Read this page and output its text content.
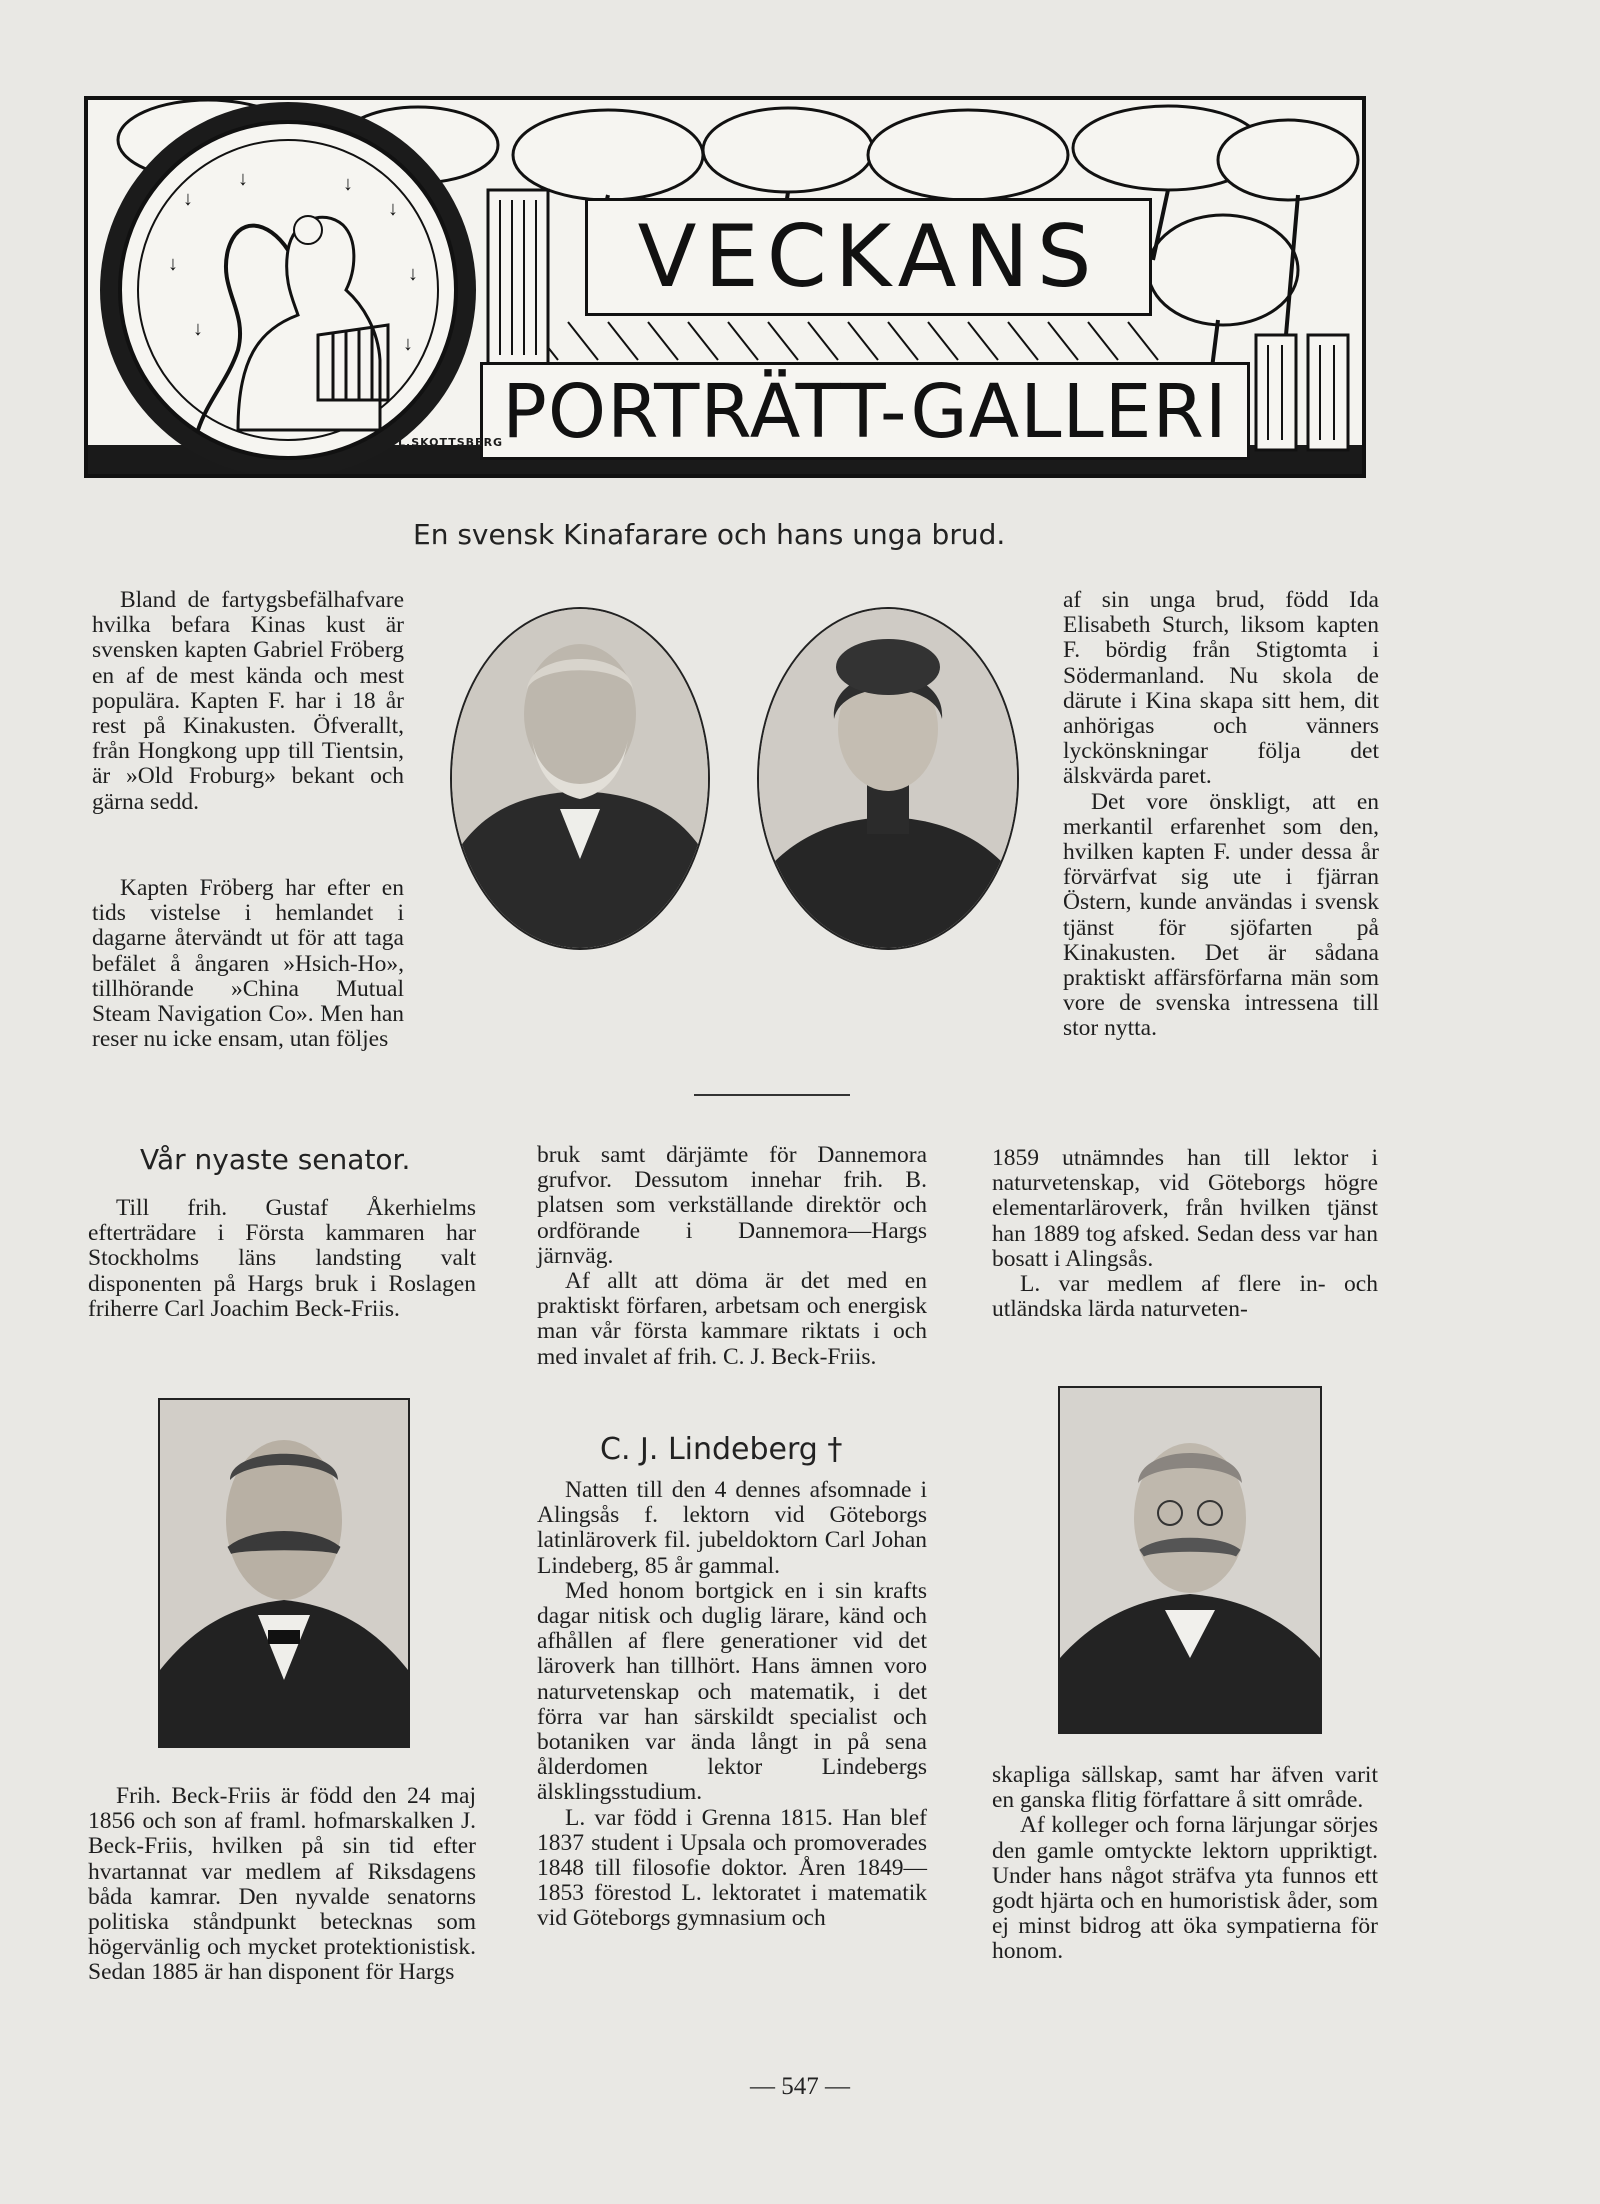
↓
↓	↓
↓
↓	↓
↓
↓
VECKANS
PORTRÄTT-GALLERI
L.SKOTTSBERG
En svensk Kinafarare och hans unga brud.

Bland de fartygsbefälhafvare hvilka befara Kinas kust är svensken kapten Gabriel Fröberg en af de mest kända och mest populära. Kapten F. har i 18 år rest på Kinakusten. Öfverallt, från Hongkong upp till Tientsin, är »Old Froburg» bekant och gärna sedd.

Kapten Fröberg har efter en tids vistelse i hemlandet i dagarne återvändt ut för att taga befälet å ångaren »Hsich-Ho», tillhörande »China Mutual Steam Navigation Co». Men han reser nu icke ensam, utan följes

af sin unga brud, född Ida Elisabeth Sturch, liksom kapten F. bördig från Stigtomta i Södermanland. Nu skola de därute i Kina skapa sitt hem, dit anhörigas och vänners lyckönskningar följa det älskvärda paret.

Det vore önskligt, att en merkantil erfarenhet som den, hvilken kapten F. under dessa år förvärfvat sig ute i fjärran Östern, kunde användas i svensk tjänst för sjöfarten på Kinakusten. Det är sådana praktiskt affärsförfarna män som vore de svenska intressena till stor nytta.

Vår nyaste senator.

Till frih. Gustaf Åkerhielms efterträdare i Första kammaren har Stockholms läns landsting valt disponenten på Hargs bruk i Roslagen friherre Carl Joachim Beck-Friis.

Frih. Beck-Friis är född den 24 maj 1856 och son af framl. hofmarskalken J. Beck-Friis, hvilken på sin tid efter hvartannat var medlem af Riksdagens båda kamrar. Den nyvalde senatorns politiska ståndpunkt betecknas som högervänlig och mycket protektionistisk. Sedan 1885 är han disponent för Hargs

bruk samt därjämte för Dannemora grufvor. Dessutom innehar frih. B. platsen som verkställande direktör och ordförande i Dannemora—Hargs järnväg.

Af allt att döma är det med en praktiskt förfaren, arbetsam och energisk man vår första kammare riktats i och med invalet af frih. C. J. Beck-Friis.

C. J. Lindeberg †

Natten till den 4 dennes afsomnade i Alingsås f. lektorn vid Göteborgs latinläroverk fil. jubeldoktorn Carl Johan Lindeberg, 85 år gammal.

Med honom bortgick en i sin krafts dagar nitisk och duglig lärare, känd och afhållen af flere generationer vid det läroverk han tillhört. Hans ämnen voro naturvetenskap och matematik, i det förra var han särskildt specialist och botaniken var ända långt in på sena ålderdomen lektor Lindebergs älsklingsstudium.

L. var född i Grenna 1815. Han blef 1837 student i Upsala och promoverades 1848 till filosofie doktor. Åren 1849—1853 förestod L. lektoratet i matematik vid Göteborgs gymnasium och

1859 utnämndes han till lektor i naturvetenskap, vid Göteborgs högre elementarläroverk, från hvilken tjänst han 1889 tog afsked. Sedan dess var han bosatt i Alingsås.

L. var medlem af flere in- och utländska lärda naturveten-

skapliga sällskap, samt har äfven varit en ganska flitig författare å sitt område.

Af kolleger och forna lärjungar sörjes den gamle omtyckte lektorn uppriktigt. Under hans något sträfva yta funnos ett godt hjärta och en humoristisk åder, som ej minst bidrog att öka sympatierna för honom.

— 547 —
